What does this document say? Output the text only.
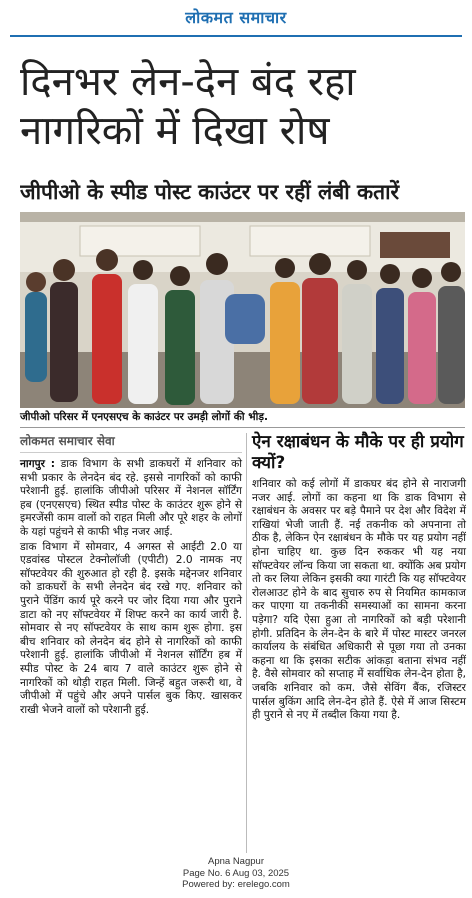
लोकमत समाचार
दिनभर लेन-देन बंद रहा नागरिकों में दिखा रोष
जीपीओ के स्पीड पोस्ट काउंटर पर रहीं लंबी कतारें
जीपीओ परिसर में एनएसएच के काउंटर पर उमड़ी लोगों की भीड़.
लोकमत समाचार सेवा

नागपुर : डाक विभाग के सभी डाकघरों में शनिवार को सभी प्रकार के लेनदेन बंद रहे. इससे नागरिकों को काफी परेशानी हुई. हालांकि जीपीओ परिसर में नेशनल सॉर्टिंग हब (एनएसएच) स्थित स्पीड पोस्ट के काउंटर शुरू होने से इमरजेंसी काम वालों को राहत मिली और पूरे शहर के लोगों के यहां पहुंचने से काफी भीड़ नजर आई.

डाक विभाग में सोमवार, 4 अगस्त से आईटी 2.0 या एडवांस्ड पोस्टल टेक्नोलॉजी (एपीटी) 2.0 नामक नए सॉफ्टवेयर की शुरुआत हो रही है. इसके मद्देनजर शनिवार को डाकघरों के सभी लेनदेन बंद रखे गए. शनिवार को पुराने पेंडिंग कार्य पूरे करने पर जोर दिया गया और पुराने डाटा को नए सॉफ्टवेयर में शिफ्ट करने का कार्य जारी है. सोमवार से नए सॉफ्टवेयर के साथ काम शुरू होगा. इस बीच शनिवार को लेनदेन बंद होने से नागरिकों को काफी परेशानी हुई. हालांकि जीपीओ में नेशनल सॉर्टिंग हब में स्पीड पोस्ट के 24 बाय 7 वाले काउंटर शुरू होने से नागरिकों को थोड़ी राहत मिली. जिन्हें बहुत जरूरी था, वे जीपीओ में पहुंचे और अपने पार्सल बुक किए. खासकर राखी भेजने वालों को परेशानी हुई.

ऐन रक्षाबंधन के मौके पर ही प्रयोग क्यों?

शनिवार को कई लोगों में डाकघर बंद होने से नाराजगी नजर आई. लोगों का कहना था कि डाक विभाग से रक्षाबंधन के अवसर पर बड़े पैमाने पर देश और विदेश में राखियां भेजी जाती हैं. नई तकनीक को अपनाना तो ठीक है, लेकिन ऐन रक्षाबंधन के मौके पर यह प्रयोग नहीं होना चाहिए था. कुछ दिन रुककर भी यह नया सॉफ्टवेयर लॉन्च किया जा सकता था. क्योंकि अब प्रयोग तो कर लिया लेकिन इसकी क्या गारंटी कि यह सॉफ्टवेयर रोलआउट होने के बाद सुचारु रुप से नियमित कामकाज कर पाएगा या तकनीकी समस्याओं का सामना करना पड़ेगा? यदि ऐसा हुआ तो नागरिकों को बड़ी परेशानी होगी. प्रतिदिन के लेन-देन के बारे में पोस्ट मास्टर जनरल कार्यालय के संबंधित अधिकारी से पूछा गया तो उनका कहना था कि इसका सटीक आंकड़ा बताना संभव नहीं है. वैसे सोमवार को सप्ताह में सर्वाधिक लेन-देन होता है, जबकि शनिवार को कम. जैसे सेविंग बैंक, रजिस्टर पार्सल बुकिंग आदि लेन-देन होते हैं. ऐसे में आज सिस्टम ही पुराने से नए में तब्दील किया गया है.

Apna Nagpur
Page No. 6 Aug 03, 2025
Powered by: erelego.com
